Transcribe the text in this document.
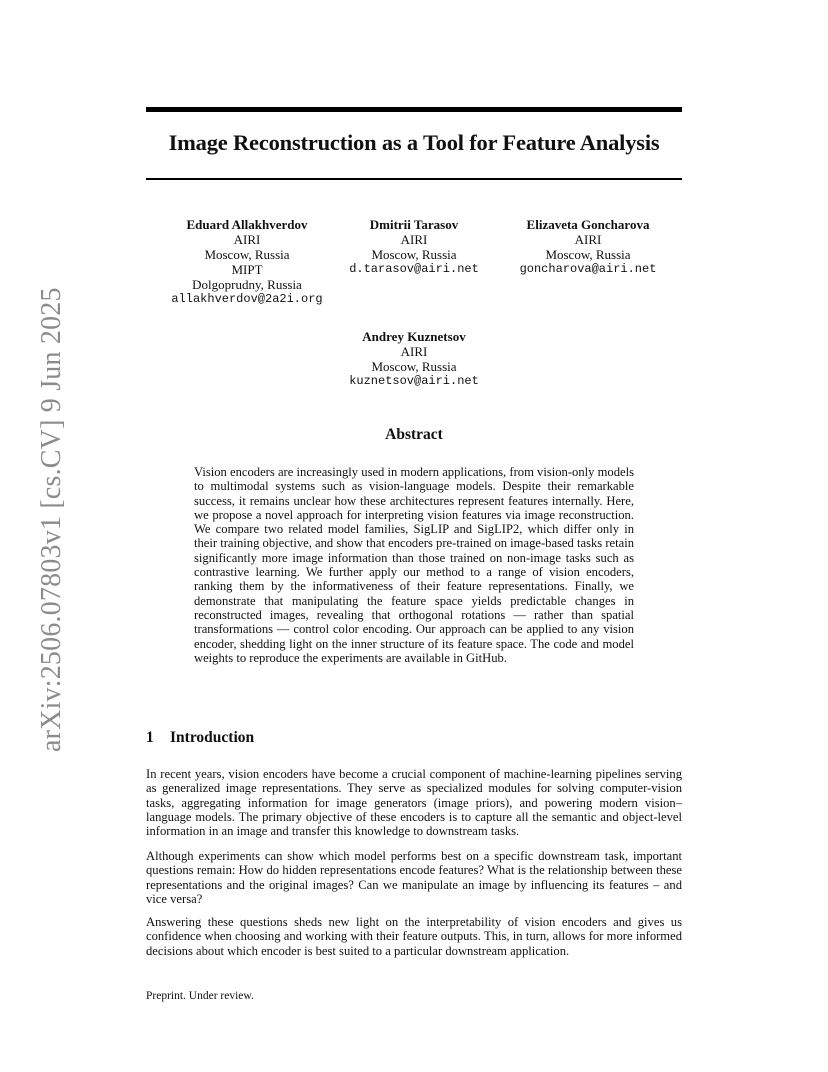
arXiv:2506.07803v1 [cs.CV] 9 Jun 2025
Image Reconstruction as a Tool for Feature Analysis
Eduard Allakhverdov
AIRI
Moscow, Russia
MIPT
Dolgoprudny, Russia
allakhverdov@2a2i.org
Dmitrii Tarasov
AIRI
Moscow, Russia
d.tarasov@airi.net
Elizaveta Goncharova
AIRI
Moscow, Russia
goncharova@airi.net
Andrey Kuznetsov
AIRI
Moscow, Russia
kuznetsov@airi.net
Abstract
Vision encoders are increasingly used in modern applications, from vision-only models to multimodal systems such as vision-language models. Despite their remarkable success, it remains unclear how these architectures represent features internally. Here, we propose a novel approach for interpreting vision features via image reconstruction. We compare two related model families, SigLIP and SigLIP2, which differ only in their training objective, and show that encoders pre-trained on image-based tasks retain significantly more image information than those trained on non-image tasks such as contrastive learning. We further apply our method to a range of vision encoders, ranking them by the informativeness of their feature representations. Finally, we demonstrate that manipulating the feature space yields predictable changes in reconstructed images, revealing that orthogonal rotations — rather than spatial transformations — control color encoding. Our approach can be applied to any vision encoder, shedding light on the inner structure of its feature space. The code and model weights to reproduce the experiments are available in GitHub.
1 Introduction

In recent years, vision encoders have become a crucial component of machine-learning pipelines serving as generalized image representations. They serve as specialized modules for solving computer-vision tasks, aggregating information for image generators (image priors), and powering modern vision–language models. The primary objective of these encoders is to capture all the semantic and object-level information in an image and transfer this knowledge to downstream tasks.

Although experiments can show which model performs best on a specific downstream task, important questions remain: How do hidden representations encode features? What is the relationship between these representations and the original images? Can we manipulate an image by influencing its features – and vice versa?

Answering these questions sheds new light on the interpretability of vision encoders and gives us confidence when choosing and working with their feature outputs. This, in turn, allows for more informed decisions about which encoder is best suited to a particular downstream application.

Preprint. Under review.
